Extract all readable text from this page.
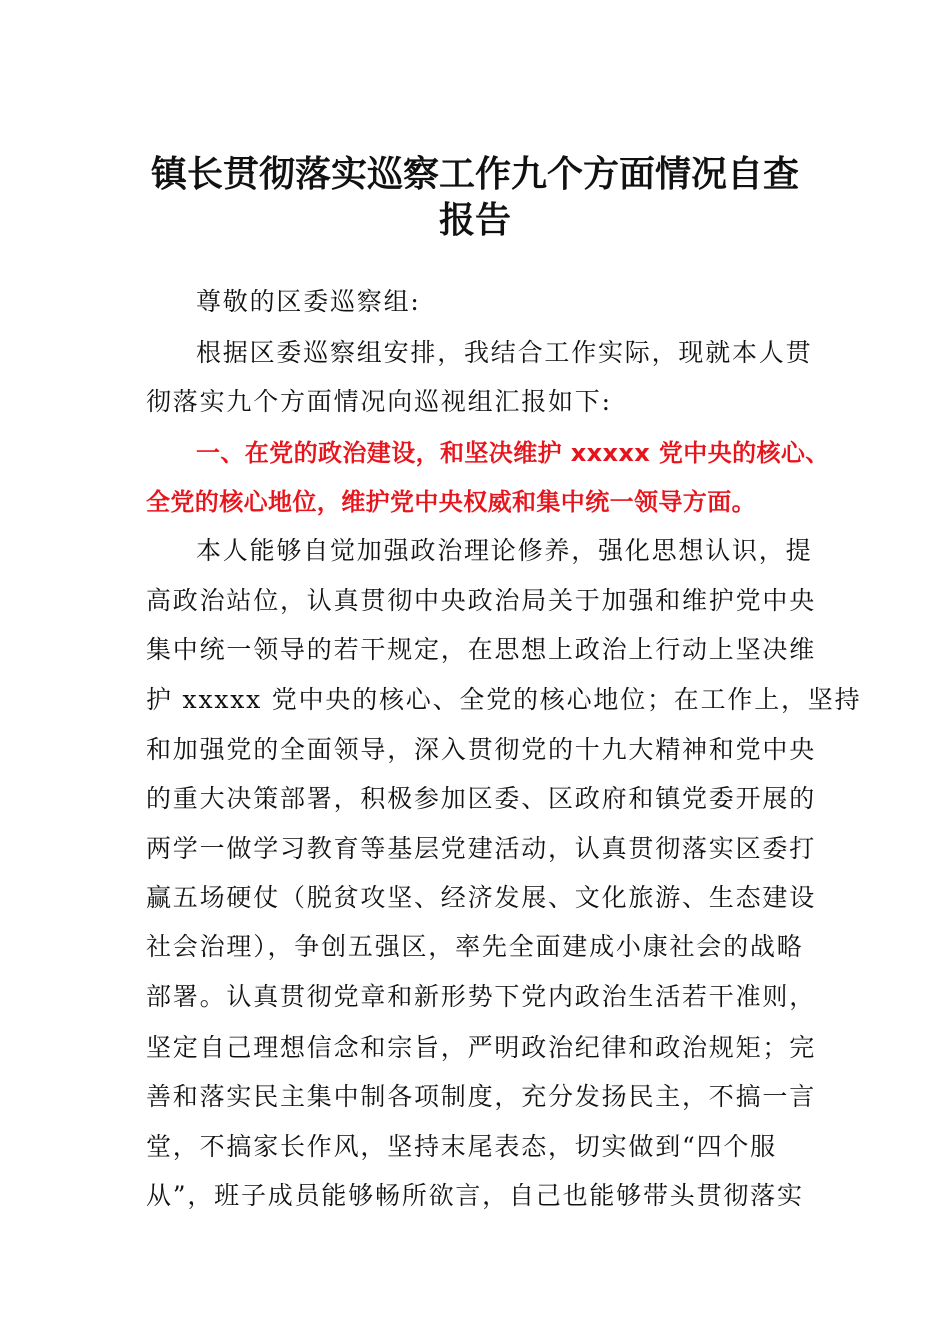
镇长贯彻落实巡察工作九个方面情况自查
报告
尊敬的区委巡察组:
根据区委巡察组安排，我结合工作实际，现就本人贯
彻落实九个方面情况向巡视组汇报如下:
一、在党的政治建设，和坚决维护 xxxxx 党中央的核心、
全党的核心地位，维护党中央权威和集中统一领导方面。
本人能够自觉加强政治理论修养，强化思想认识，提
高政治站位，认真贯彻中央政治局关于加强和维护党中央
集中统一领导的若干规定，在思想上政治上行动上坚决维
护 xxxxx 党中央的核心、全党的核心地位；在工作上，坚持
和加强党的全面领导，深入贯彻党的十九大精神和党中央
的重大决策部署，积极参加区委、区政府和镇党委开展的
两学一做学习教育等基层党建活动，认真贯彻落实区委打
赢五场硬仗（脱贫攻坚、经济发展、文化旅游、生态建设
社会治理），争创五强区，率先全面建成小康社会的战略
部署。认真贯彻党章和新形势下党内政治生活若干准则，
坚定自己理想信念和宗旨，严明政治纪律和政治规矩；完
善和落实民主集中制各项制度，充分发扬民主，不搞一言
堂，不搞家长作风，坚持末尾表态，切实做到“四个服
从”，班子成员能够畅所欲言，自己也能够带头贯彻落实
